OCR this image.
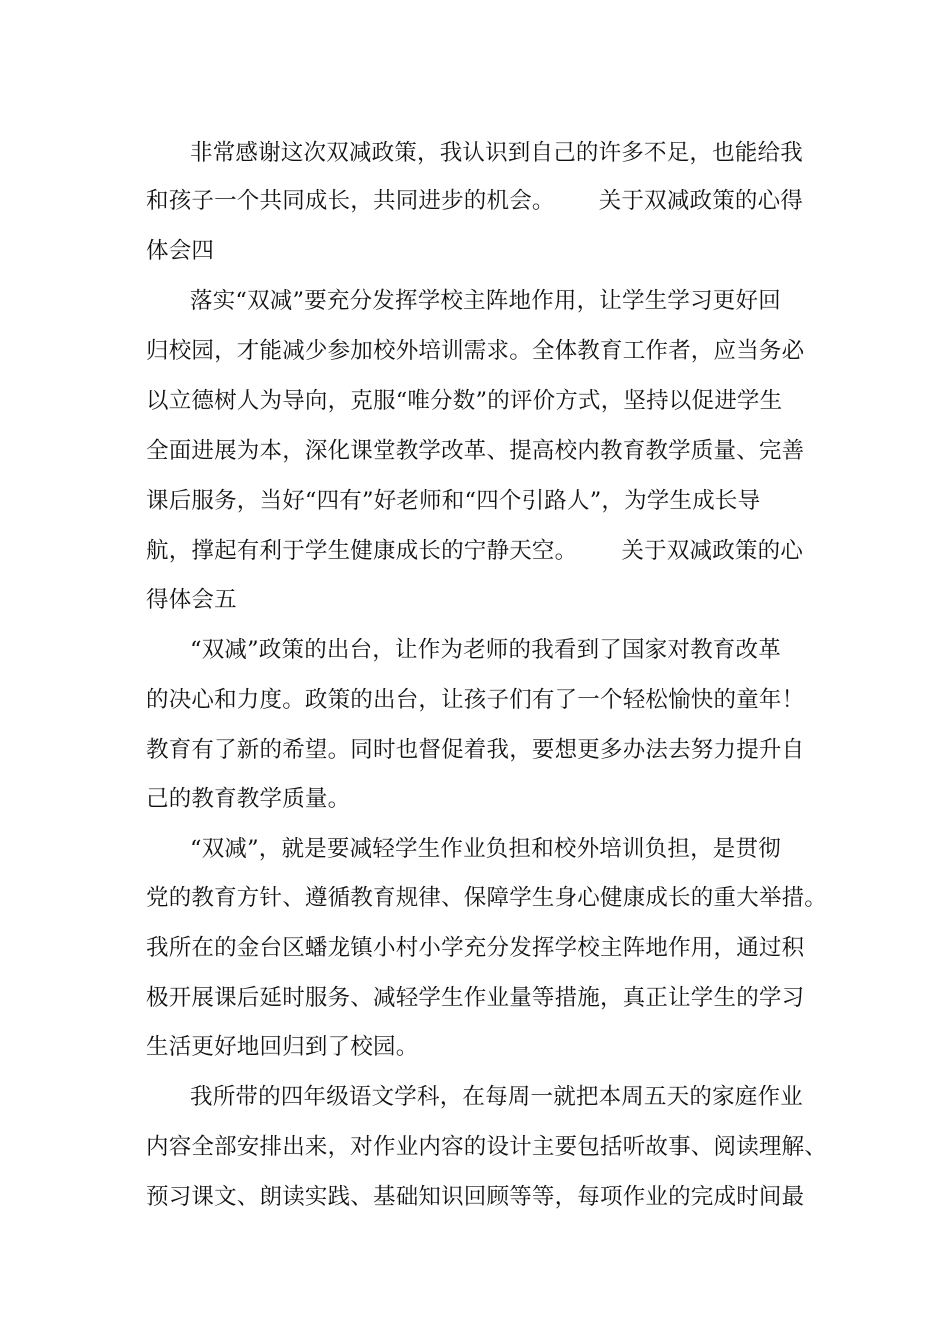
非常感谢这次双减政策，我认识到自己的许多不足，也能给我
和孩子一个共同成长，共同进步的机会。      关于双减政策的心得
体会四
落实“双减”要充分发挥学校主阵地作用，让学生学习更好回
归校园，才能减少参加校外培训需求。全体教育工作者，应当务必
以立德树人为导向，克服“唯分数”的评价方式，坚持以促进学生
全面进展为本，深化课堂教学改革、提高校内教育教学质量、完善
课后服务，当好“四有”好老师和“四个引路人”，为学生成长导
航，撑起有利于学生健康成长的宁静天空。      关于双减政策的心
得体会五
“双减”政策的出台，让作为老师的我看到了国家对教育改革
的决心和力度。政策的出台，让孩子们有了一个轻松愉快的童年！
教育有了新的希望。同时也督促着我，要想更多办法去努力提升自
己的教育教学质量。
“双减”，就是要减轻学生作业负担和校外培训负担，是贯彻
党的教育方针、遵循教育规律、保障学生身心健康成长的重大举措。
我所在的金台区蟠龙镇小村小学充分发挥学校主阵地作用，通过积
极开展课后延时服务、减轻学生作业量等措施，真正让学生的学习
生活更好地回归到了校园。
我所带的四年级语文学科，在每周一就把本周五天的家庭作业
内容全部安排出来，对作业内容的设计主要包括听故事、阅读理解、
预习课文、朗读实践、基础知识回顾等等，每项作业的完成时间最
